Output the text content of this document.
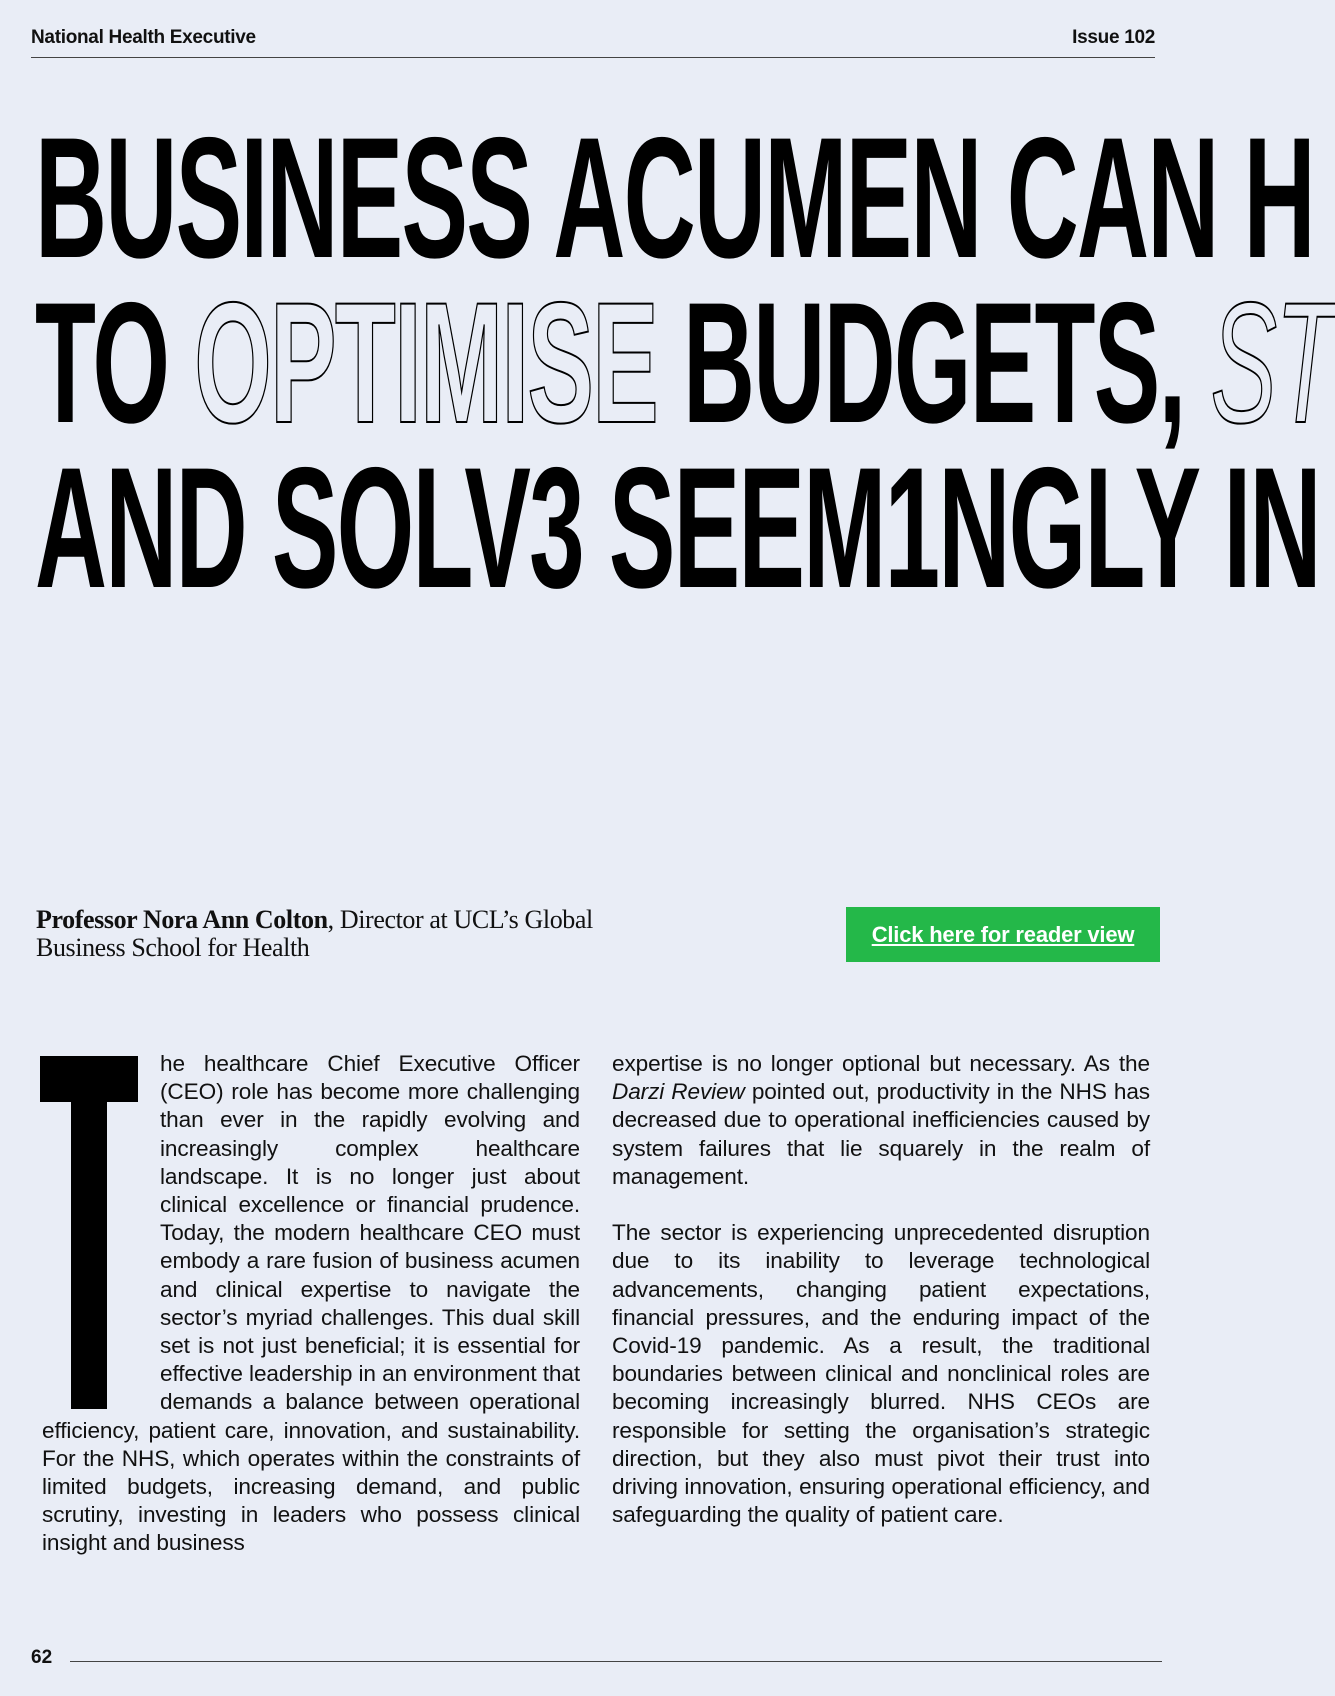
National Health Executive	Issue 102
BUSINESS ACUMEN CAN H
TO OPTIMISE BUDGETS, ST
AND SOLV3 SEEM1NGLY IN
Professor Nora Ann Colton, Director at UCL’s Global Business School for Health	Click here for reader view

he healthcare Chief Executive Officer (CEO) role has become more challenging than ever in the rapidly evolving and increasingly complex healthcare landscape. It is no longer just about clinical excellence or financial prudence. Today, the modern healthcare CEO must embody a rare fusion of business acumen and clinical expertise to navigate the sector’s myriad challenges. This dual skill set is not just beneficial; it is essential for effective leadership in an environment that demands a balance between operational efficiency, patient care, innovation, and sustainability. For the NHS, which operates within the constraints of limited budgets, increasing demand, and public scrutiny, investing in leaders who possess clinical insight and business

expertise is no longer optional but necessary. As the Darzi Review pointed out, productivity in the NHS has decreased due to operational inefficiencies caused by system failures that lie squarely in the realm of management.

The sector is experiencing unprecedented disruption due to its inability to leverage technological advancements, changing patient expectations, financial pressures, and the enduring impact of the Covid-19 pandemic. As a result, the traditional boundaries between clinical and nonclinical roles are becoming increasingly blurred. NHS CEOs are responsible for setting the organisation’s strategic direction, but they also must pivot their trust into driving innovation, ensuring operational efficiency, and safeguarding the quality of patient care.

62
